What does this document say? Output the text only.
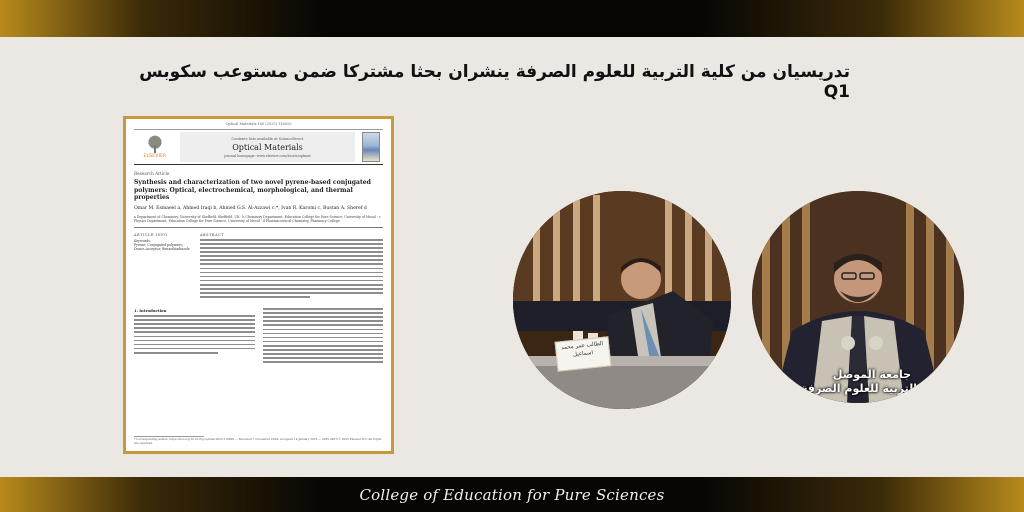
تدريسيان من كلية التربية للعلوم الصرفة ينشران بحثا مشتركا ضمن مستوعب سكوبس Q1
Optical Materials 160 (2025) 116820
ELSEVIER
Contents lists available at ScienceDirect
Optical Materials
journal homepage: www.elsevier.com/locate/optmat
Research Article
Synthesis and characterization of two novel pyrene-based conjugated polymers: Optical, electrochemical, morphological, and thermal properties
Omar M. Esmaeel a, Ahmed Iraqi b, Ahmed G.S. Al-Azzawi c,*, Ivan R. Karomi c, Bustan A. Sheref d
a Department of Chemistry, University of Sheffield, Sheffield, UK · b Chemistry Department, Education College for Pure Science, University of Mosul · c Physics Department, Education College for Pure Science, University of Mosul · d Pharmaceutical Chemistry, Pharmacy College
ARTICLE INFO
Keywords:
Pyrene; Conjugated polymers; Donor–Acceptor; Benzothiadiazole
ABSTRACT
1. Introduction
* Corresponding author. https://doi.org/10.1016/j.optmat.2025.116820 — Received 7 November 2024; Accepted 14 January 2025 — 0925-3467/© 2025 Elsevier B.V. All rights are reserved.
الطالب عمر محمد اسماعيل
جامعة الموصل
كلية التربية للعلوم الصرفة
College of Education for Pure Sciences
